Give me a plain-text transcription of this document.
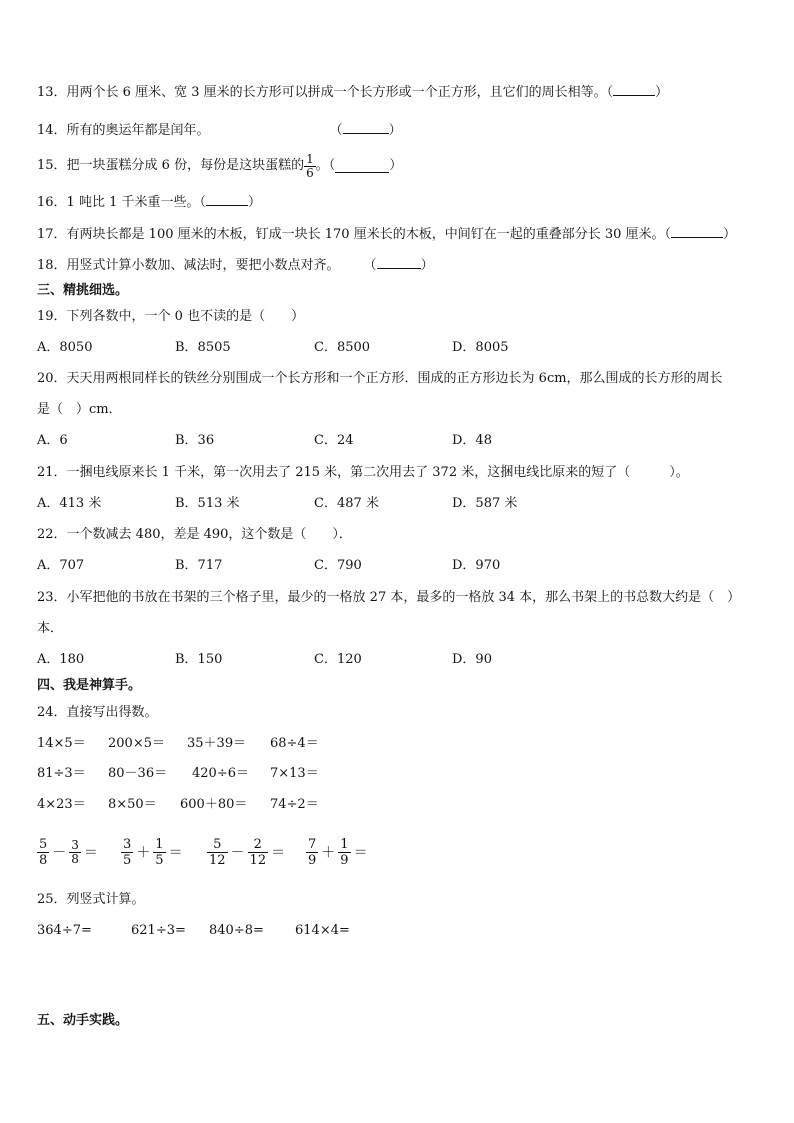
13．用两个长 6 厘米、宽 3 厘米的长方形可以拼成一个长方形或一个正方形，且它们的周长相等。（	）
14．所有的奥运年都是闰年。	（	）
15．把一块蛋糕分成 6 份，每份是这块蛋糕的 $\frac{1}{6}$ 。（	）
16．1 吨比 1 千米重一些。（	）
17．有两块长都是 100 厘米的木板，钉成一块长 170 厘米长的木板，中间钉在一起的重叠部分长 30 厘米。（	）
18．用竖式计算小数加、减法时，要把小数点对齐。 （	）
三、精挑细选。
19．下列各数中，一个 0 也不读的是（　　）
A．8050	B．8505	C．8500	D．8005
20．天天用两根同样长的铁丝分别围成一个长方形和一个正方形．围成的正方形边长为 6cm，那么围成的长方形的周长
是（　）cm．
A．6	B．36	C．24	D．48
21．一捆电线原来长 1 千米，第一次用去了 215 米，第二次用去了 372 米，这捆电线比原来的短了（　　　）。
A．413 米	B．513 米	C．487 米	D．587 米
22．一个数减去 480，差是 490，这个数是（　　）．
A．707	B．717	C．790	D．970
23．小军把他的书放在书架的三个格子里，最少的一格放 27 本，最多的一格放 34 本，那么书架上的书总数大约是（　）
本．
A．180	B．150	C．120	D．90
四、我是神算手。
24．直接写出得数。
14×5＝ 200×5＝ 35＋39＝ 68÷4＝
81÷3＝ 80－36＝ 420÷6＝ 7×13＝
4×23＝ 8×50＝ 600＋80＝ 74÷2＝
$\frac{5}{8} - \frac{3}{8} = \frac{3}{5} + \frac{1}{5} = \frac{5}{12} - \frac{2}{12} = \frac{7}{9} + \frac{1}{9}$ ＝
25．列竖式计算。
364÷7=	621÷3= 840÷8= 614×4=
五、动手实践。
